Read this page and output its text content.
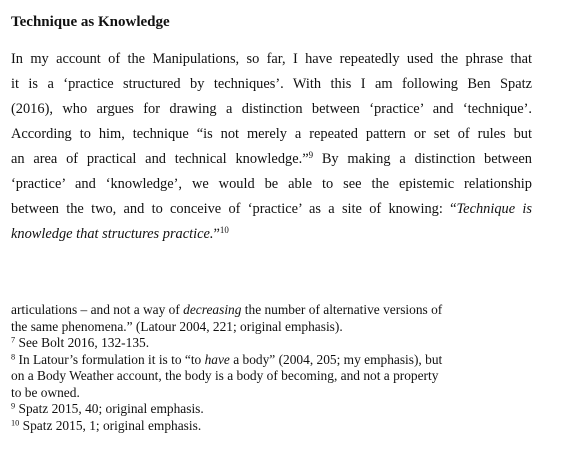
Technique as Knowledge
In my account of the Manipulations, so far, I have repeatedly used the phrase that
it is a ‘practice structured by techniques’. With this I am following Ben Spatz
(2016), who argues for drawing a distinction between ‘practice’ and ‘technique’.
According to him, technique “is not merely a repeated pattern or set of rules but
an area of practical and technical knowledge.”$^9$ By making a distinction between
‘practice’ and ‘knowledge’, we would be able to see the epistemic relationship
between the two, and to conceive of ‘practice’ as a site of knowing: “Technique is
knowledge that structures practice.”$^{10}$
articulations – and not a way of decreasing the number of alternative versions of
the same phenomena.” (Latour 2004, 221; original emphasis).
$^7$ See Bolt 2016, 132-135.
$^8$ In Latour’s formulation it is to “to have a body” (2004, 205; my emphasis), but
on a Body Weather account, the body is a body of becoming, and not a property
to be owned.
$^9$ Spatz 2015, 40; original emphasis.
$^{10}$ Spatz 2015, 1; original emphasis.
